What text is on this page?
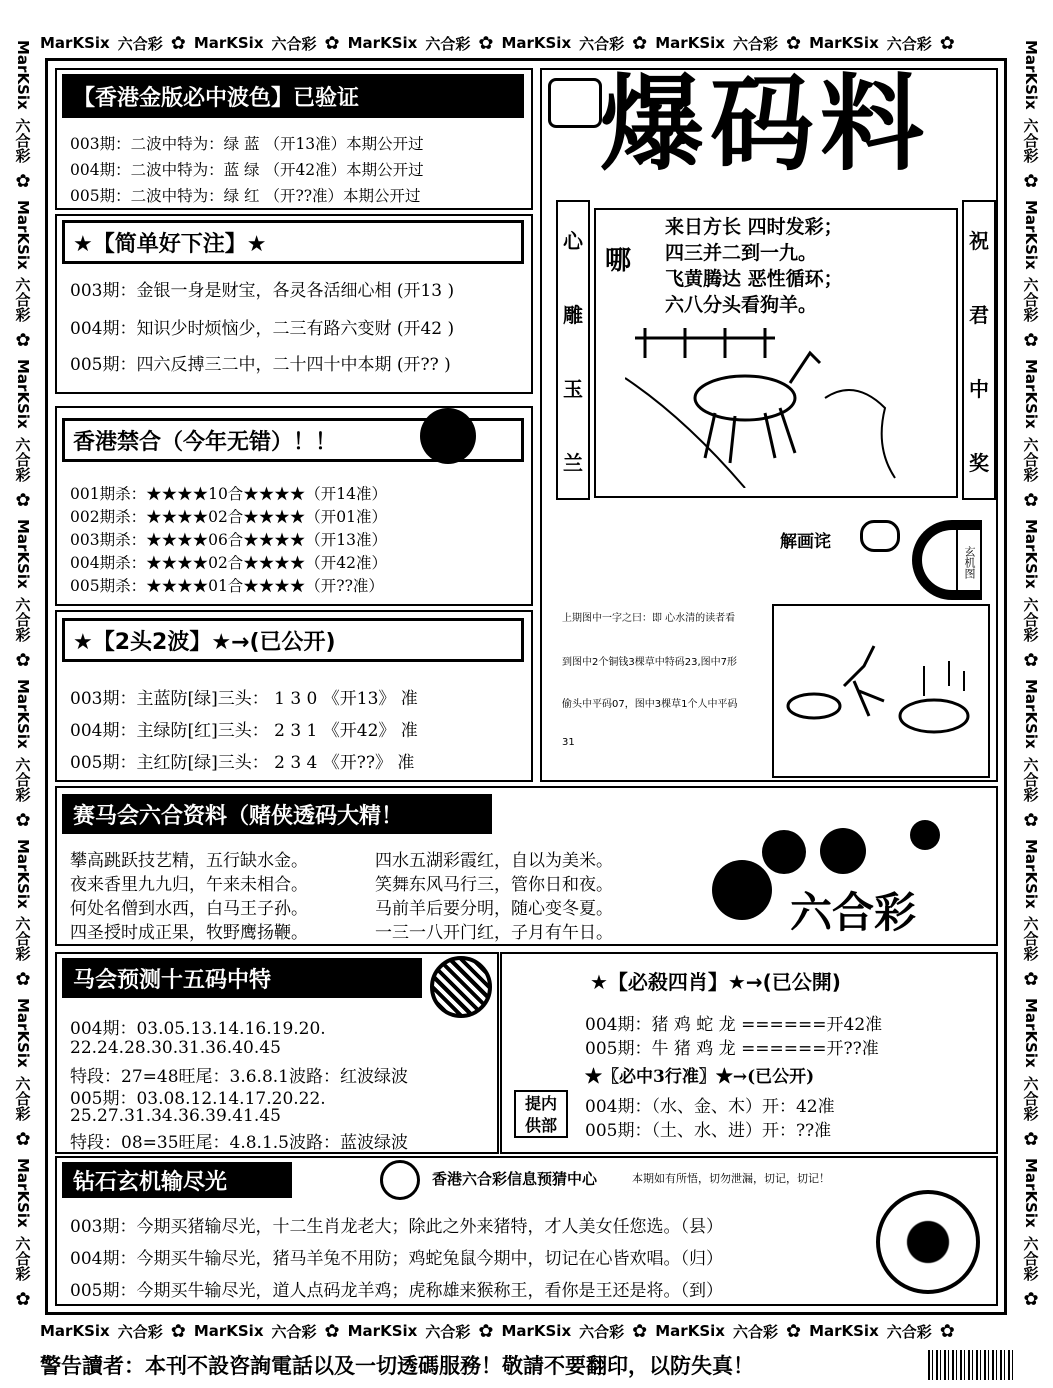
MarKSix 六合彩 ✿ MarKSix 六合彩 ✿ MarKSix 六合彩 ✿ MarKSix 六合彩 ✿ MarKSix 六合彩 ✿ MarKSix 六合彩 ✿
MarKSix 六合彩 ✿ MarKSix 六合彩 ✿ MarKSix 六合彩 ✿ MarKSix 六合彩 ✿ MarKSix 六合彩 ✿ MarKSix 六合彩 ✿
MarKSix
六合彩
✿
MarKSix
六合彩
✿
MarKSix
六合彩
✿
MarKSix
六合彩
✿
MarKSix
六合彩
✿
MarKSix
六合彩
✿
MarKSix
六合彩
✿
MarKSix
六合彩
✿
MarKSix
六合彩
✿
MarKSix
六合彩
✿
MarKSix
六合彩
✿
MarKSix
六合彩
✿
MarKSix
六合彩
✿
MarKSix
六合彩
✿
MarKSix
六合彩
✿
MarKSix
六合彩
✿
【香港金版必中波色】已验证
003期：二波中特为：绿 蓝 （开13准）本期公开过
004期：二波中特为：蓝 绿 （开42准）本期公开过
005期：二波中特为：绿 红 （开??准）本期公开过
★【简单好下注】★
003期：金银一身是财宝，各灵各活细心相 (开13 )
004期：知识少时烦恼少，二三有路六变财 (开42 )
005期：四六反搏三二中，二十四十中本期 (开?? )
香港禁合（今年无错）！！
001期杀：★★★★10合★★★★（开14准）
002期杀：★★★★02合★★★★（开01准）
003期杀：★★★★06合★★★★（开13准）
004期杀：★★★★02合★★★★（开42准）
005期杀：★★★★01合★★★★（开??准）
★【2头2波】★→(已公开)
003期：主蓝防[绿]三头： 1 3 0 《开13》 准
004期：主绿防[红]三头： 2 3 1 《开42》 准
005期：主红防[绿]三头： 2 3 4 《开??》 准
爆码料
心
雕
玉
兰
祝
君
中
奖
哪
来日方长 四时发彩；
四三并二到一九。
飞黄腾达 恶性循环；
六八分头看狗羊。
解画诧
玄机图
上期图中一字之曰：即 心水清的读者看
到图中2个铜钱3棵草中特码23,图中7形
偷头中平码07，图中3棵草1个人中平码
31
赛马会六合资料（赌侠透码大精！
攀高跳跃技艺精，五行缺水金。
夜来香里九九归，午来未相合。
何处名僧到水西，白马王子孙。
四圣授时成正果，牧野鹰扬鞭。
四水五湖彩霞红，自以为美米。
笑舞东风马行三，管你日和夜。
马前羊后要分明，随心变冬夏。
一三一八开门红，子月有午日。	六合彩
马会预测十五码中特
004期：03.05.13.14.16.19.20.
22.24.28.30.31.36.40.45
特段：27=48旺尾：3.6.8.1波路：红波绿波
005期：03.08.12.14.17.20.22.
25.27.31.34.36.39.41.45
特段：08=35旺尾：4.8.1.5波路：蓝波绿波
★【必殺四肖】★→(已公開)
004期：猪 鸡 蛇 龙 ======开42准
005期：牛 猪 鸡 龙 ======开??准
★〖必中3行准〗★→(已公开)
004期：（水、金、木）开：42准
005期：（土、水、进）开：??准
提内供部
钻石玄机输尽光	香港六合彩信息预猜中心	本期如有所悟，切勿泄漏，切记，切记！
003期：今期买猪输尽光，十二生肖龙老大；除此之外来猪特，才人美女任您选。（县）
004期：今期买牛输尽光，猪马羊兔不用防；鸡蛇兔鼠今期中，切记在心皆欢唱。（归）
005期：今期买牛输尽光，道人点码龙羊鸡；虎称雄来猴称王，看你是王还是将。（到）
警告讀者：本刊不設咨詢電話以及一切透碼服務！敬請不要翻印，以防失真！
